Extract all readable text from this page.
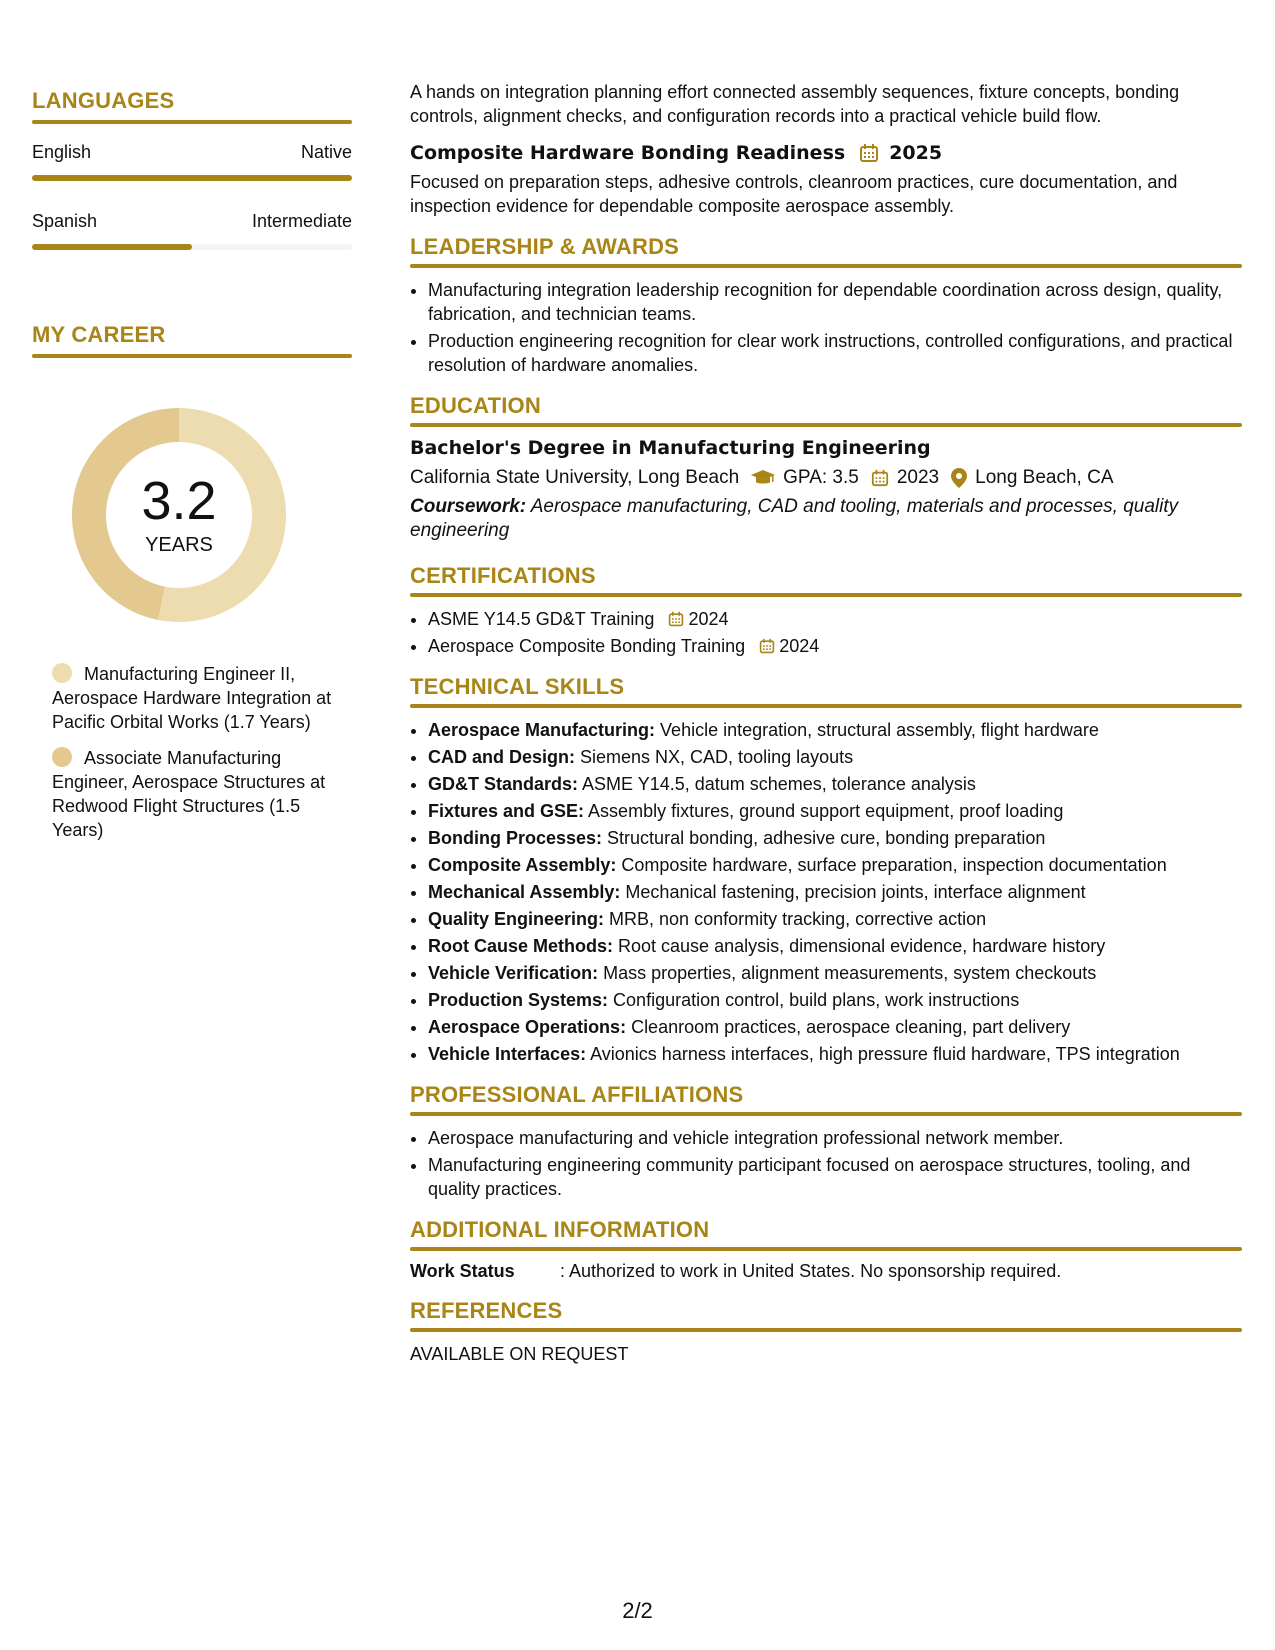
LANGUAGES
English	Native
Spanish	Intermediate
MY CAREER
3.2
YEARS
Manufacturing Engineer II, Aerospace Hardware Integration at Pacific Orbital Works (1.7 Years)
Associate Manufacturing Engineer, Aerospace Structures at Redwood Flight Structures (1.5 Years)
A hands on integration planning effort connected assembly sequences, fixture concepts, bonding controls, alignment checks, and configuration records into a practical vehicle build flow.
Composite Hardware Bonding Readiness 2025
Focused on preparation steps, adhesive controls, cleanroom practices, cure documentation, and inspection evidence for dependable composite aerospace assembly.
LEADERSHIP & AWARDS
• Manufacturing integration leadership recognition for dependable coordination across design, quality, fabrication, and technician teams.
• Production engineering recognition for clear work instructions, controlled configurations, and practical resolution of hardware anomalies.
EDUCATION
Bachelor's Degree in Manufacturing Engineering
California State University, Long Beach GPA: 3.5 2023 Long Beach, CA
Coursework: Aerospace manufacturing, CAD and tooling, materials and processes, quality engineering
CERTIFICATIONS
• ASME Y14.5 GD&T Training 2024
• Aerospace Composite Bonding Training 2024
TECHNICAL SKILLS
• Aerospace Manufacturing: Vehicle integration, structural assembly, flight hardware
• CAD and Design: Siemens NX, CAD, tooling layouts
• GD&T Standards: ASME Y14.5, datum schemes, tolerance analysis
• Fixtures and GSE: Assembly fixtures, ground support equipment, proof loading
• Bonding Processes: Structural bonding, adhesive cure, bonding preparation
• Composite Assembly: Composite hardware, surface preparation, inspection documentation
• Mechanical Assembly: Mechanical fastening, precision joints, interface alignment
• Quality Engineering: MRB, non conformity tracking, corrective action
• Root Cause Methods: Root cause analysis, dimensional evidence, hardware history
• Vehicle Verification: Mass properties, alignment measurements, system checkouts
• Production Systems: Configuration control, build plans, work instructions
• Aerospace Operations: Cleanroom practices, aerospace cleaning, part delivery
• Vehicle Interfaces: Avionics harness interfaces, high pressure fluid hardware, TPS integration
PROFESSIONAL AFFILIATIONS
• Aerospace manufacturing and vehicle integration professional network member.
• Manufacturing engineering community participant focused on aerospace structures, tooling, and quality practices.
ADDITIONAL INFORMATION
Work Status	: Authorized to work in United States. No sponsorship required.
REFERENCES
AVAILABLE ON REQUEST
2/2
